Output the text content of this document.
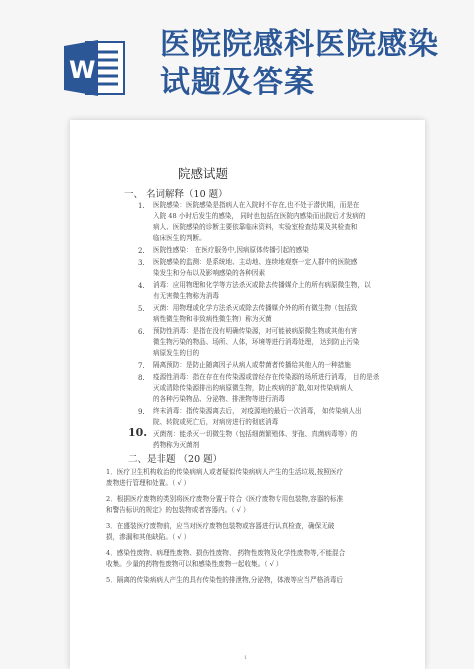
W
医院院感科医院感染试题及答案
院感试题
一、 名词解释（10 题）
1. 医院感染：医院感染是指病人在入院时不存在,也不处于潜伏期，而是在
入院 48 小时后发生的感染， 同时也包括在医院内感染而出院后才发病的
病人、医院感染的诊断主要依靠临床资料，实验室检查结果及其检查和
临床医生的判断。
2. 医院性感染： 在医疗服务中,因病原体传播引起的感染
3. 医院感染的监测：是系统地、主动地、连续地观察一定人群中的医院感
染发生和分布以及影响感染的各种因素
4. 消毒：应用物理和化学等方法杀灭或除去传播媒介上的所有病原微生物，以
有无害微生物称为消毒
5. 灭菌：用物理或化学方法杀灭或除去传播媒介外的所有微生物（包括致
病性微生物和非致病性微生物）称为灭菌
6. 预防性消毒：是指在没有明确传染源，对可能被病原微生物或其他有害
微生物污染的物品、场所、人体，环境等进行消毒处理， 达到防止污染
病原发生的目的
7. 隔离预防：是防止随离因子从病人或带菌者传播给其他人的一种措施
8. 疫源性消毒：指在存在有传染源或曾经存在传染源的场所进行消毒， 目的是杀
灭或清除传染源排出的病原微生物，防止疾病的扩散,如对传染病病人
的各种污染物品、分泌物、排泄物等进行消毒
9. 终末消毒：指传染源离去后， 对疫源地的最后一次消毒， 如传染病人出
院、转院或死亡后，对病房进行的彻底消毒
10. 灭菌剂：能杀灭一切微生物（包括细菌繁殖体、芽孢、真菌病毒等）的
药物称为灭菌剂
二、是非题 （20 题）
1．医疗卫生机构收治的传染病病人或者疑似传染病病人产生的生活垃圾,按照医疗
废物进行管理和处置。（ √ ）
2．根据医疗废物的类别将医疗废物分置于符合《医疗废物专用包装物,容器的标准
和警告标识的规定》的包装物或者容器内。（ √ ）
3．在盛装医疗废物前，应当对医疗废物包装物或容器进行认真检查，确保无破
损，渗漏和其他缺陷。（ √ ）
4．感染性废物、病理性废物、损伤性废物、 药物性废物及化学性废物等,不能混合
收集。少量的药物性废物可以和感染性废物一起收集。（ √ ）
5．隔离的传染病病人产生的具有传染性的排泄物,分泌物，体液等应当严格消毒后
1
